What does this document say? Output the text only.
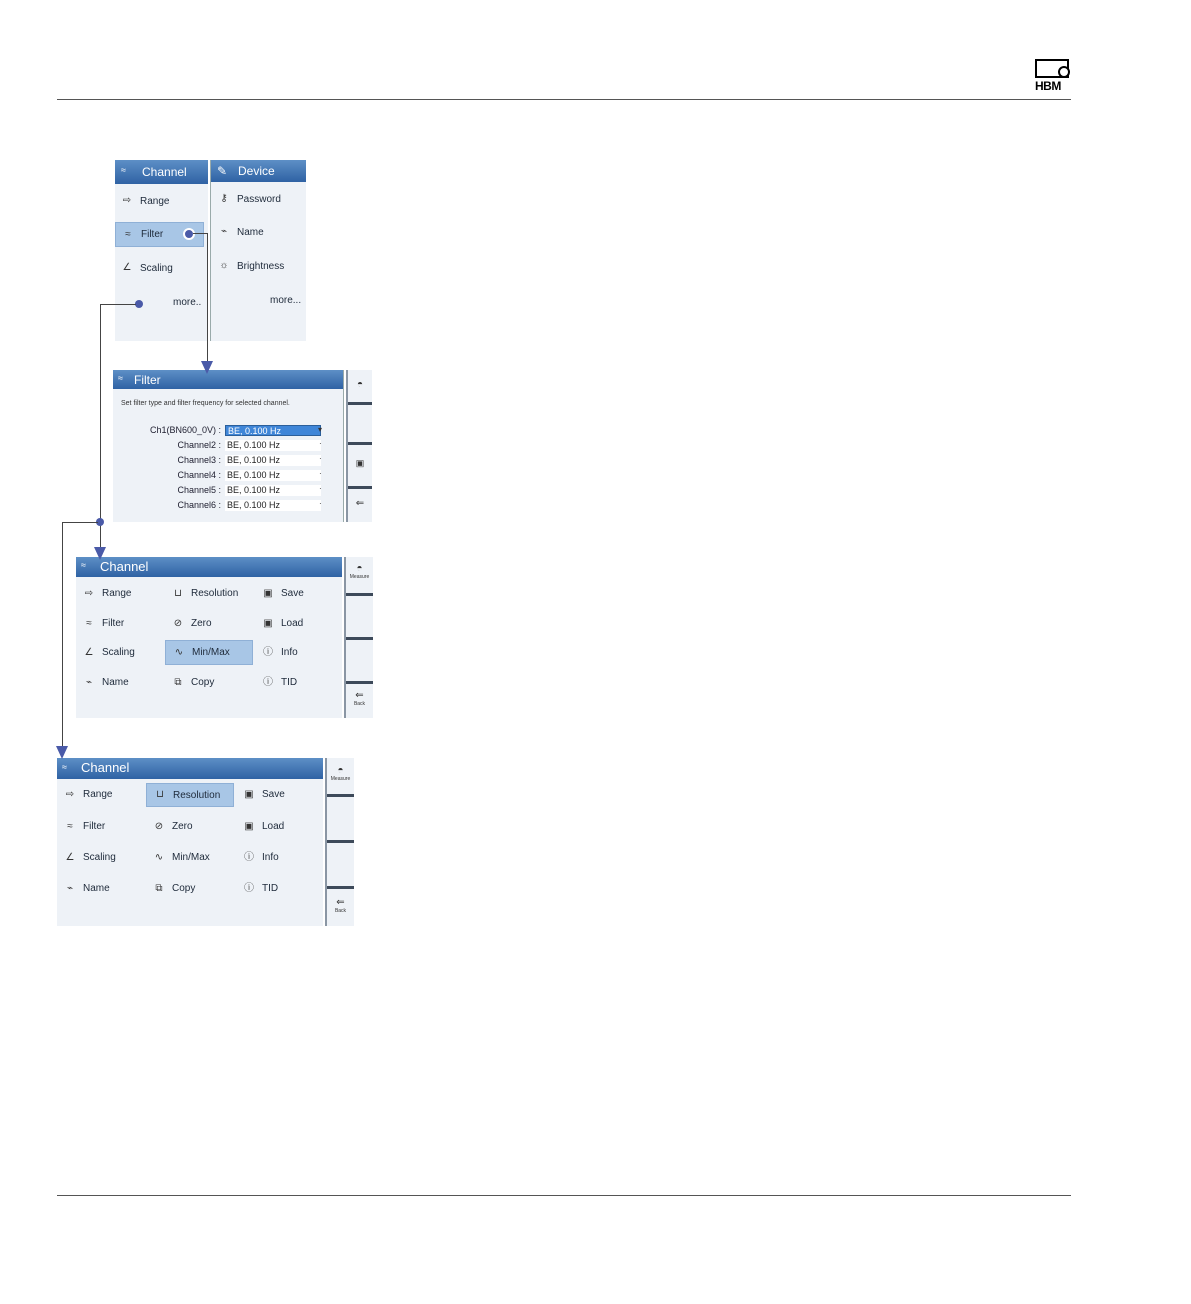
HBM
≈ Channel
⇨ Range
≈	Filter
∠ Scaling
more..
✎ Device
⚷ Password
⌁ Name
☼ Brightness
more...
≈ Filter
Set filter type and filter frequency for selected channel.
Ch1(BN600_0V) : BE, 0.100 Hz	▾
Channel2 : BE, 0.100 Hz	·
Channel3 : BE, 0.100 Hz	·
Channel4 : BE, 0.100 Hz	·
Channel5 : BE, 0.100 Hz	·
Channel6 : BE, 0.100 Hz	·
◓
▣
⇐
≈ Channel
⇨ Range	⊔ Resolution	▣ Save
≈	Filter	⊘ Zero	▣ Load
∠ Scaling	∿ Min/Max	ⓘ Info
⌁ Name	⧉ Copy	ⓘ TID
◓
Measure
⇐
Back
≈ Channel
⇨ Range	⊔ Resolution ▣ Save
≈	Filter	⊘ Zero	▣ Load
∠ Scaling	∿ Min/Max	ⓘ Info
⌁ Name	⧉ Copy	ⓘ TID
◓
Measure
⇐
Back
